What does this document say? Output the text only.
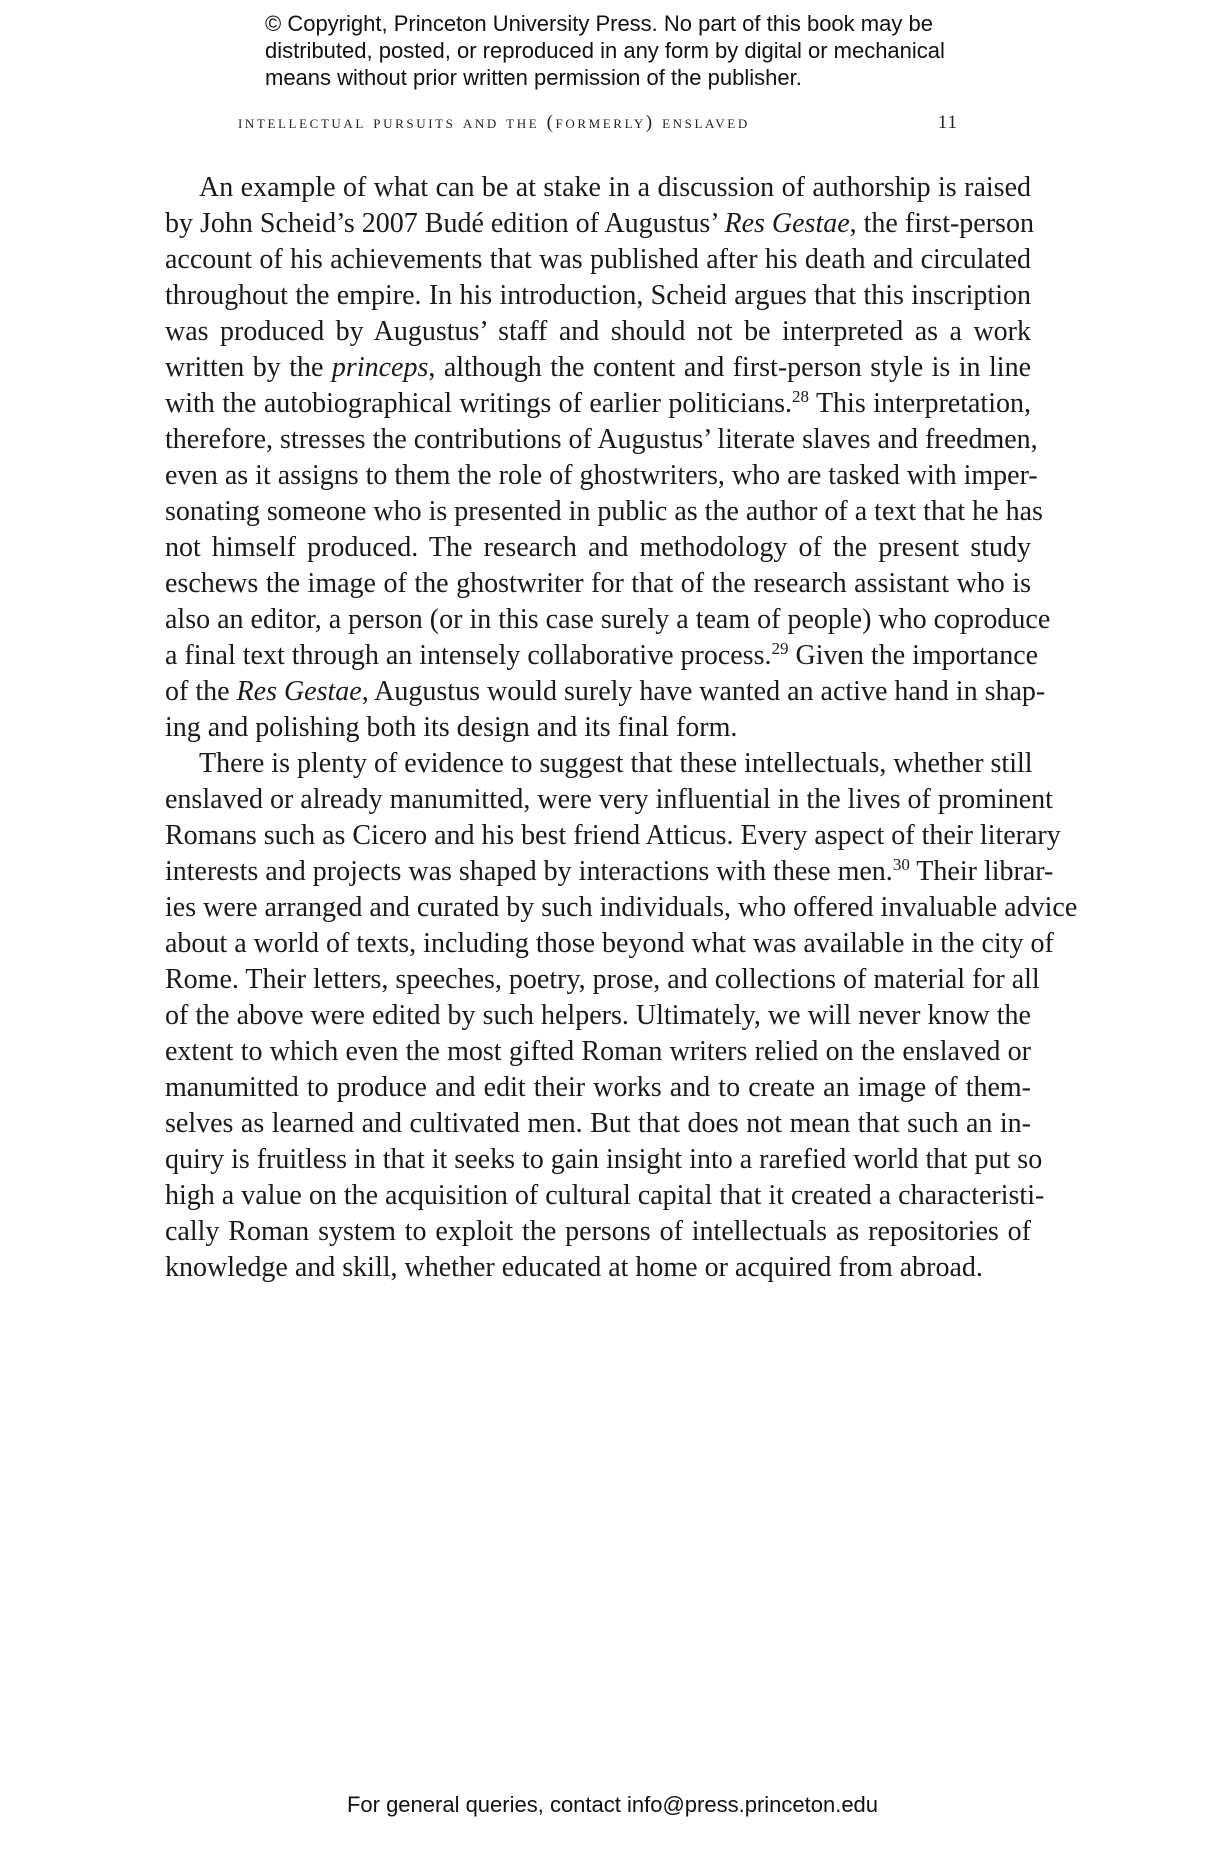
© Copyright, Princeton University Press. No part of this book may be
distributed, posted, or reproduced in any form by digital or mechanical
means without prior written permission of the publisher.
intellectual pursuits and the (formerly) enslaved	11

An example of what can be at stake in a discussion of authorship is raised
by John Scheid’s 2007 Budé edition of Augustus’ Res Gestae, the first-person
account of his achievements that was published after his death and circulated
throughout the empire. In his introduction, Scheid argues that this inscription
was produced by Augustus’ staff and should not be interpreted as a work
written by the princeps, although the content and first-person style is in line
with the autobiographical writings of earlier politicians.$^{28}$ This interpretation,
therefore, stresses the contributions of Augustus’ literate slaves and freedmen,
even as it assigns to them the role of ghostwriters, who are tasked with imper-
sonating someone who is presented in public as the author of a text that he has
not himself produced. The research and methodology of the present study
eschews the image of the ghostwriter for that of the research assistant who is
also an editor, a person (or in this case surely a team of people) who coproduce
a final text through an intensely collaborative process.$^{29}$ Given the importance
of the Res Gestae, Augustus would surely have wanted an active hand in shap-
ing and polishing both its design and its final form.

There is plenty of evidence to suggest that these intellectuals, whether still
enslaved or already manumitted, were very influential in the lives of prominent
Romans such as Cicero and his best friend Atticus. Every aspect of their literary
interests and projects was shaped by interactions with these men.$^{30}$ Their librar-
ies were arranged and curated by such individuals, who offered invaluable advice
about a world of texts, including those beyond what was available in the city of
Rome. Their letters, speeches, poetry, prose, and collections of material for all
of the above were edited by such helpers. Ultimately, we will never know the
extent to which even the most gifted Roman writers relied on the enslaved or
manumitted to produce and edit their works and to create an image of them-
selves as learned and cultivated men. But that does not mean that such an in-
quiry is fruitless in that it seeks to gain insight into a rarefied world that put so
high a value on the acquisition of cultural capital that it created a characteristi-
cally Roman system to exploit the persons of intellectuals as repositories of
knowledge and skill, whether educated at home or acquired from abroad.

For general queries, contact info@press.princeton.edu
